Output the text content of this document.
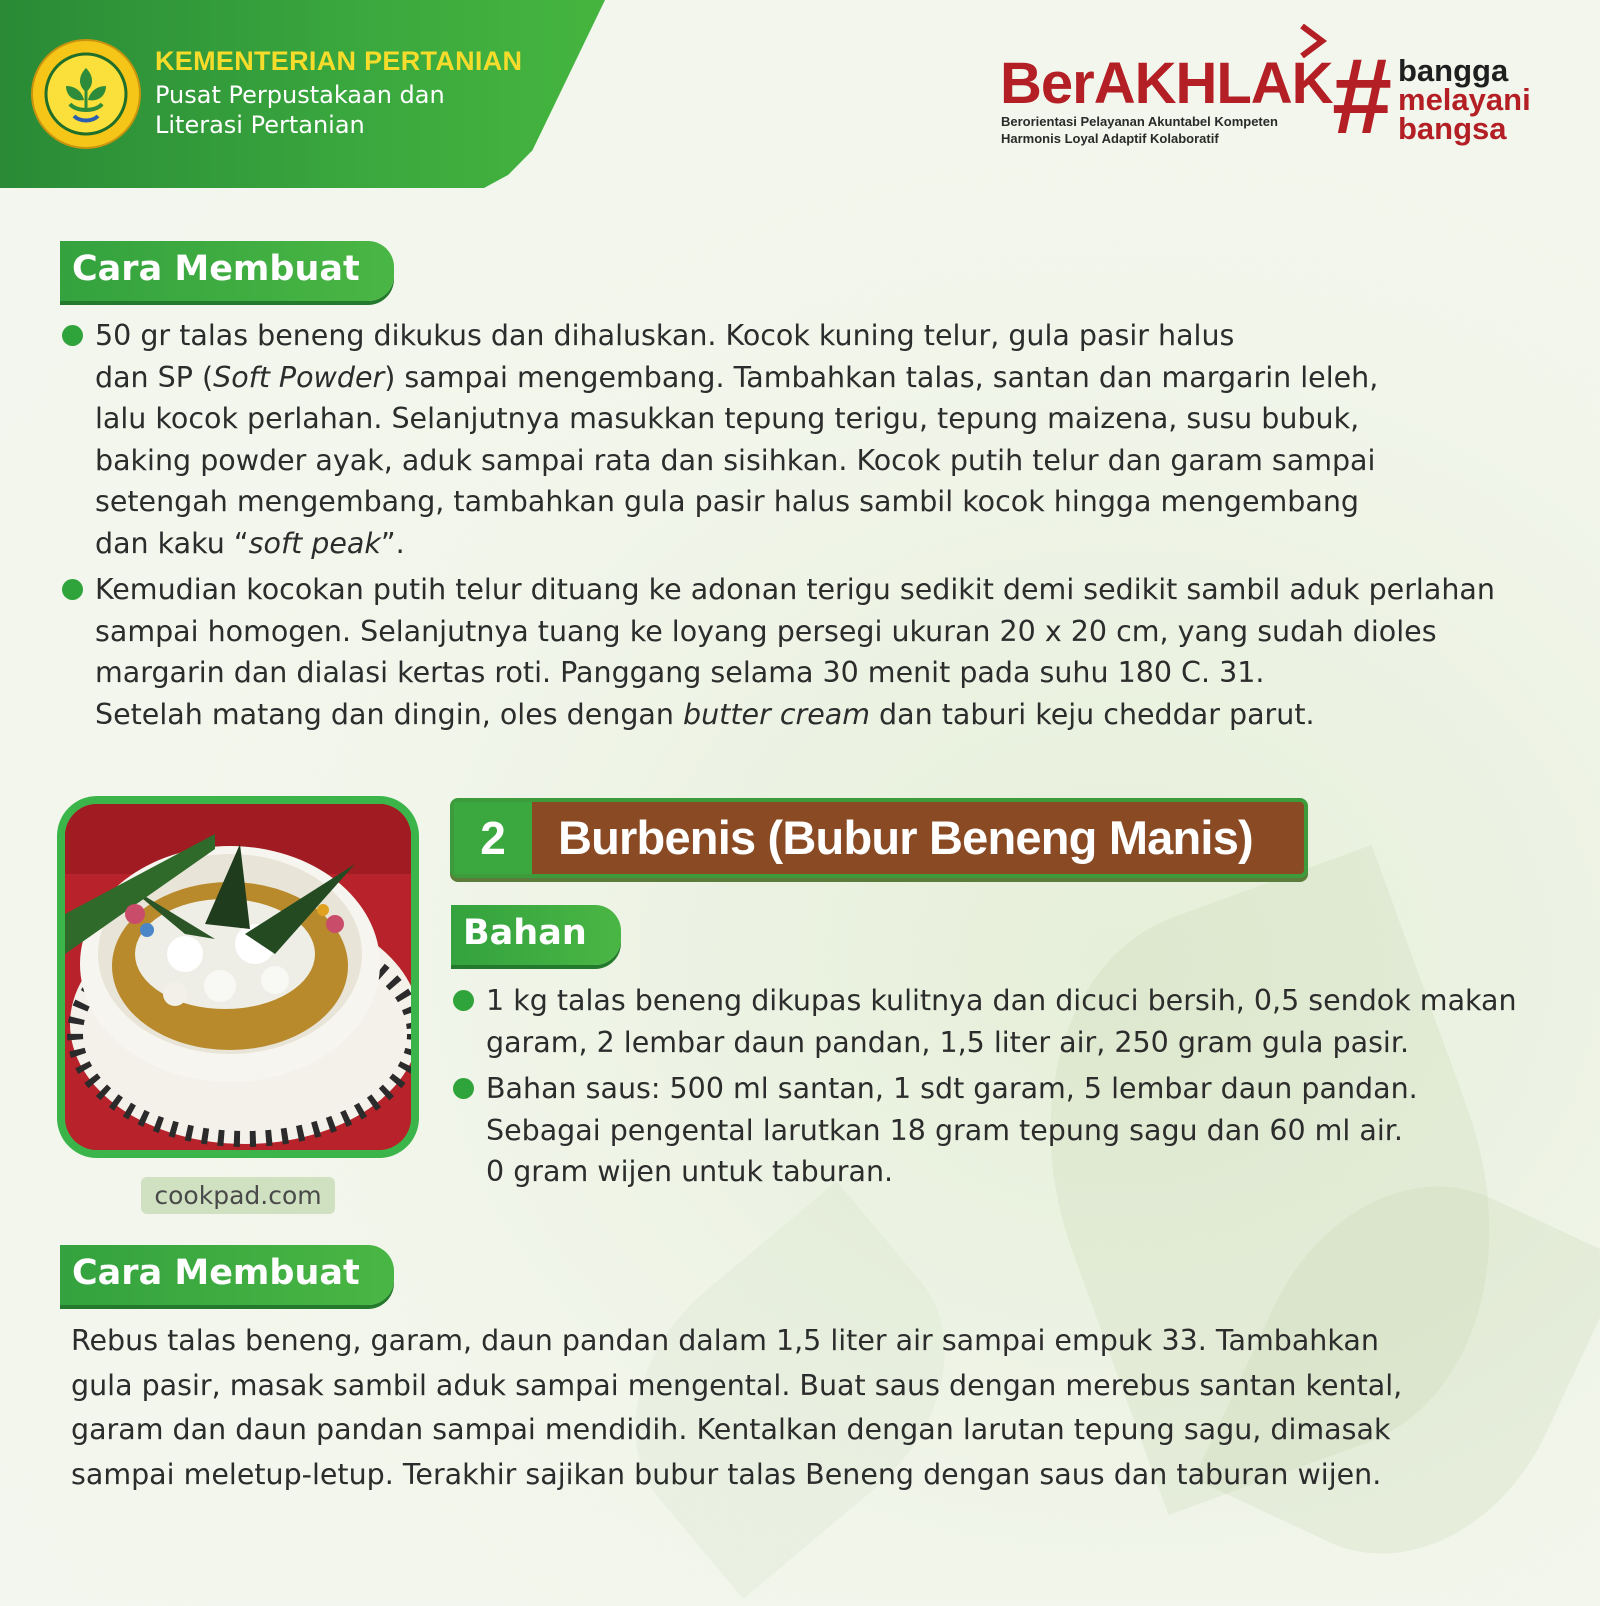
KEMENTERIAN PERTANIAN
Pusat Perpustakaan dan
Literasi Pertanian
BerAKHLAK
Berorientasi Pelayanan Akuntabel Kompeten
Harmonis Loyal Adaptif Kolaboratif	# bangga
melayani
bangsa
Cara Membuat
50 gr talas beneng dikukus dan dihaluskan. Kocok kuning telur, gula pasir halus
dan SP (Soft Powder) sampai mengembang. Tambahkan talas, santan dan margarin leleh,
lalu kocok perlahan. Selanjutnya masukkan tepung terigu, tepung maizena, susu bubuk,
baking powder ayak, aduk sampai rata dan sisihkan. Kocok putih telur dan garam sampai
setengah mengembang, tambahkan gula pasir halus sambil kocok hingga mengembang
dan kaku “soft peak”.
Kemudian kocokan putih telur dituang ke adonan terigu sedikit demi sedikit sambil aduk perlahan
sampai homogen. Selanjutnya tuang ke loyang persegi ukuran 20 x 20 cm, yang sudah dioles
margarin dan dialasi kertas roti. Panggang selama 30 menit pada suhu 180 C. 31.
Setelah matang dan dingin, oles dengan butter cream dan taburi keju cheddar parut.
cookpad.com
2	Burbenis (Bubur Beneng Manis)
Bahan
1 kg talas beneng dikupas kulitnya dan dicuci bersih, 0,5 sendok makan
garam, 2 lembar daun pandan, 1,5 liter air, 250 gram gula pasir.
Bahan saus: 500 ml santan, 1 sdt garam, 5 lembar daun pandan.
Sebagai pengental larutkan 18 gram tepung sagu dan 60 ml air.
0 gram wijen untuk taburan.
Cara Membuat
Rebus talas beneng, garam, daun pandan dalam 1,5 liter air sampai empuk 33. Tambahkan
gula pasir, masak sambil aduk sampai mengental. Buat saus dengan merebus santan kental,
garam dan daun pandan sampai mendidih. Kentalkan dengan larutan tepung sagu, dimasak
sampai meletup-letup. Terakhir sajikan bubur talas Beneng dengan saus dan taburan wijen.
